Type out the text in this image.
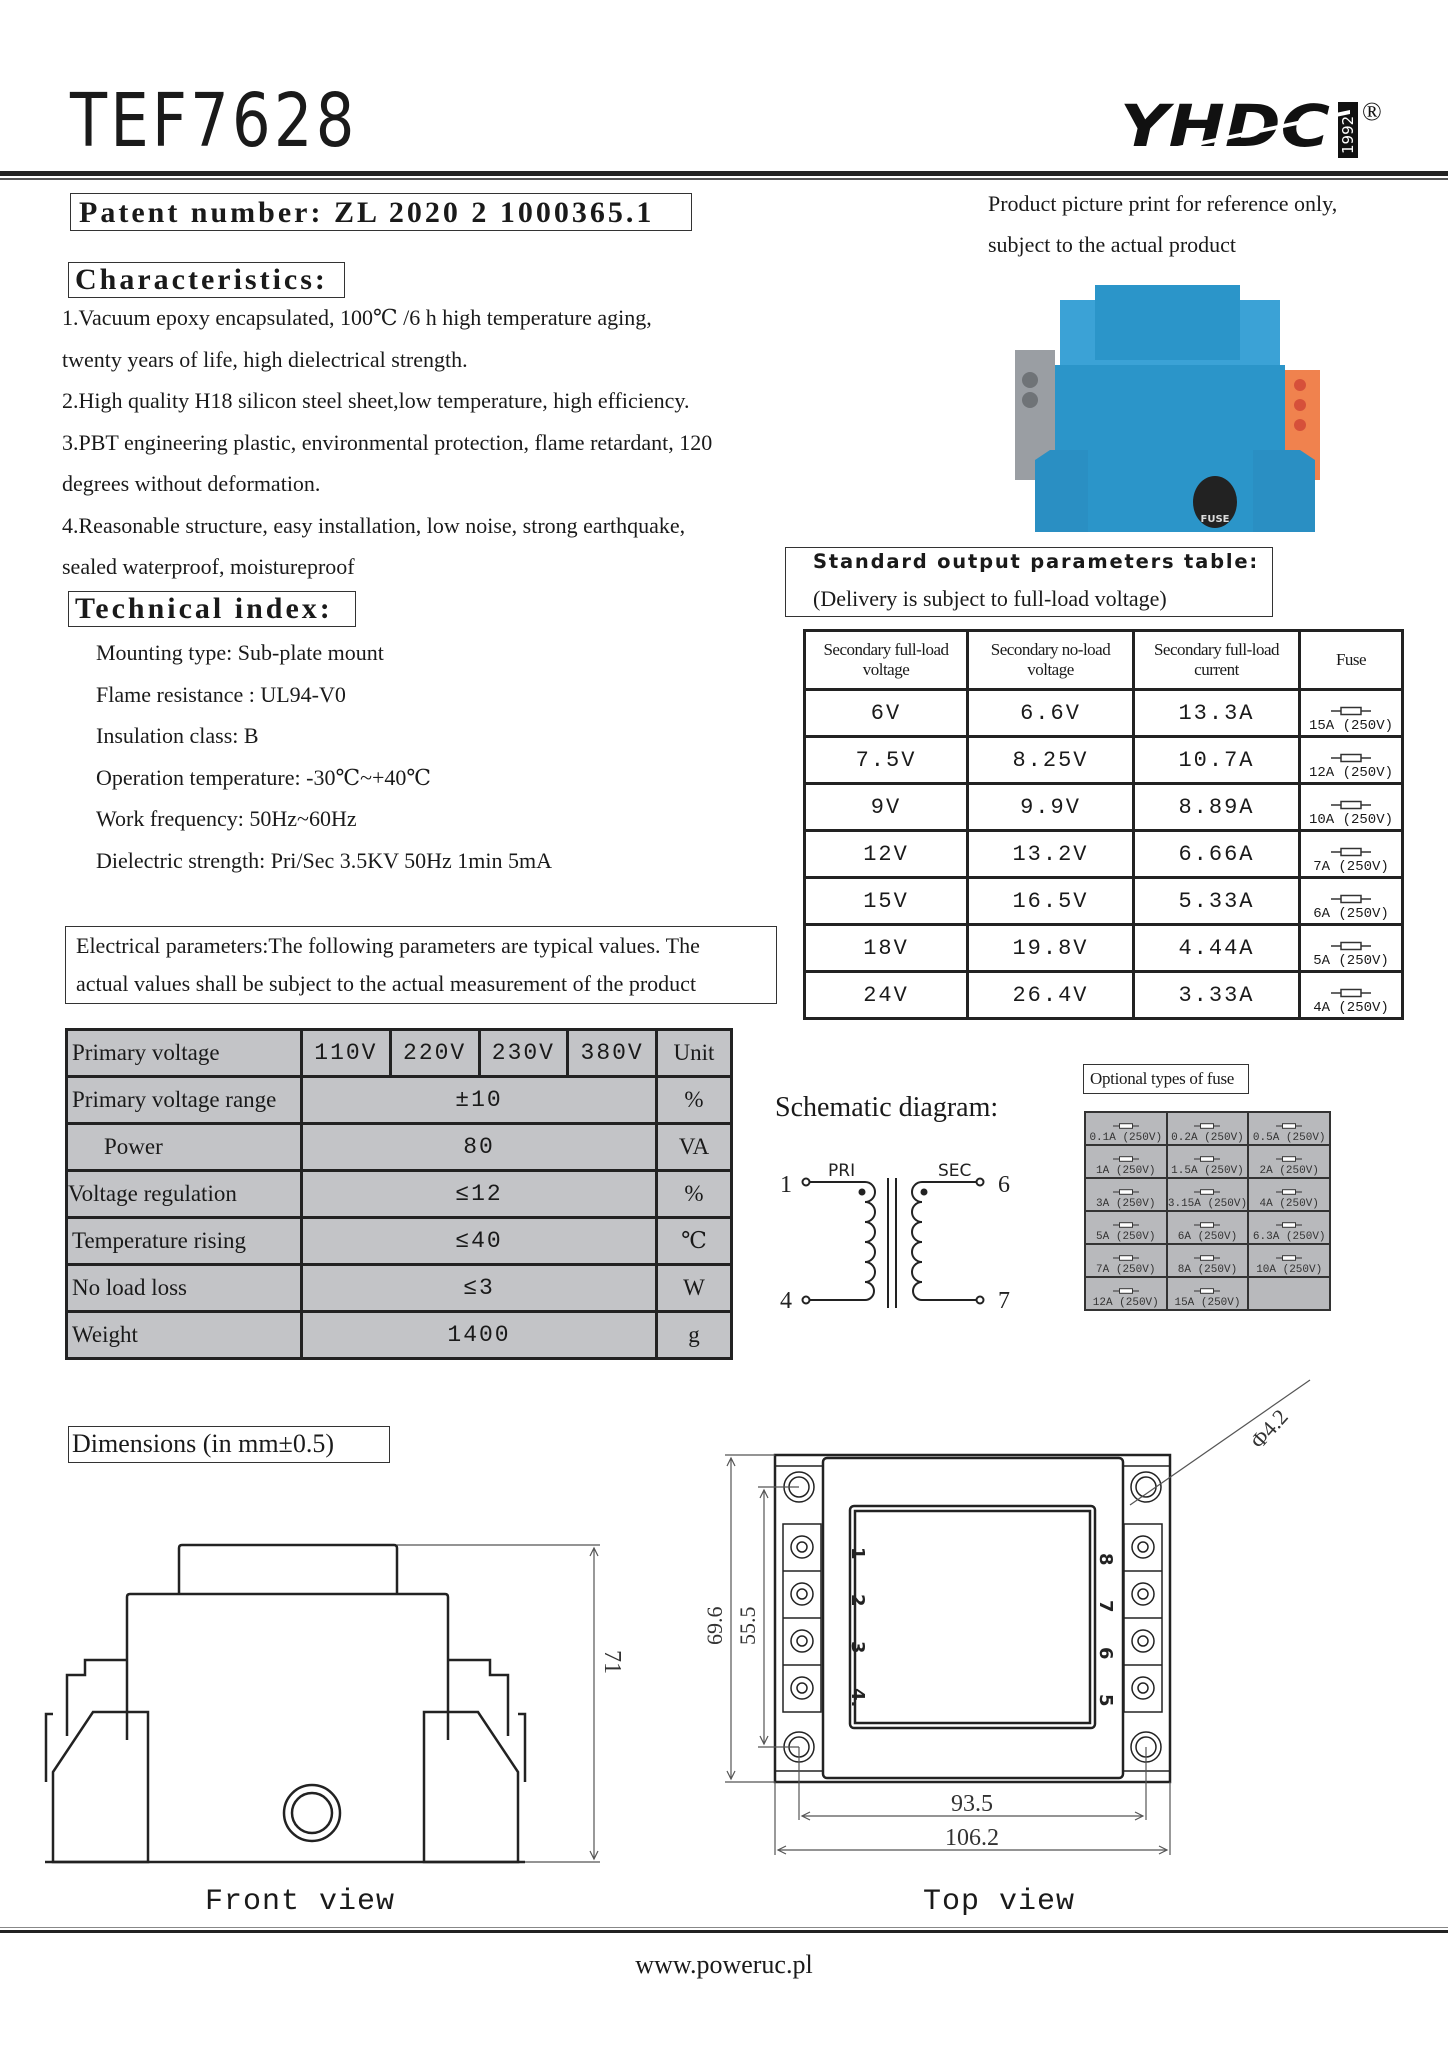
TEF7628	YHDC 1992
®
Patent number: ZL 2020 2 1000365.1	Product picture print for reference only,
subject to the actual product
FUSE
Characteristics:
1.Vacuum epoxy encapsulated, 100℃ /6 h high temperature aging,
twenty years of life, high dielectrical strength.
2.High quality H18 silicon steel sheet,low temperature, high efficiency.
3.PBT engineering plastic, environmental protection, flame retardant, 120
degrees without deformation.
4.Reasonable structure, easy installation, low noise, strong earthquake,
sealed waterproof, moistureproof
Technical index:
Mounting type: Sub-plate mount
Flame resistance : UL94-V0
Insulation class: B
Operation temperature: -30℃~+40℃
Work frequency: 50Hz~60Hz
Dielectric strength: Pri/Sec 3.5KV 50Hz 1min 5mA
Electrical parameters:The following parameters are typical values. The
actual values shall be subject to the actual measurement of the product
Primary voltage	110V	220V	230V	380V	Unit
Primary voltage range	±10				%
Power	80				VA
Voltage regulation	≤12				%
Temperature rising	≤40				℃
No load loss	≤3				W
Weight	1400				g
Standard output parameters table:
(Delivery is subject to full-load voltage)
Secondary full-load voltage	Secondary no-load voltage	Secondary full-load current	Fuse
6V	6.6V	13.3A	15A (250V)
7.5V	8.25V	10.7A	12A (250V)
9V	9.9V	8.89A	10A (250V)
12V	13.2V	6.66A	7A (250V)
15V	16.5V	5.33A	6A (250V)
18V	19.8V	4.44A	5A (250V)
24V	26.4V	3.33A	4A (250V)
Schematic diagram:
PRI	SEC
1
4
6
7
Optional types of fuse
0.1A (250V)	0.2A (250V)	0.5A (250V)

1A (250V)	1.5A (250V)	2A (250V)

3A (250V)	3.15A (250V)	4A (250V)

5A (250V)	6A (250V)	6.3A (250V)

7A (250V)	8A (250V)	10A (250V)

12A (250V)	15A (250V)	
Dimensions (in mm±0.5)
71
69.6 55.5
93.5
106.2
Φ4.2
1
2
3
4.
8
7
6
5
Front view	Top view
www.poweruc.pl
